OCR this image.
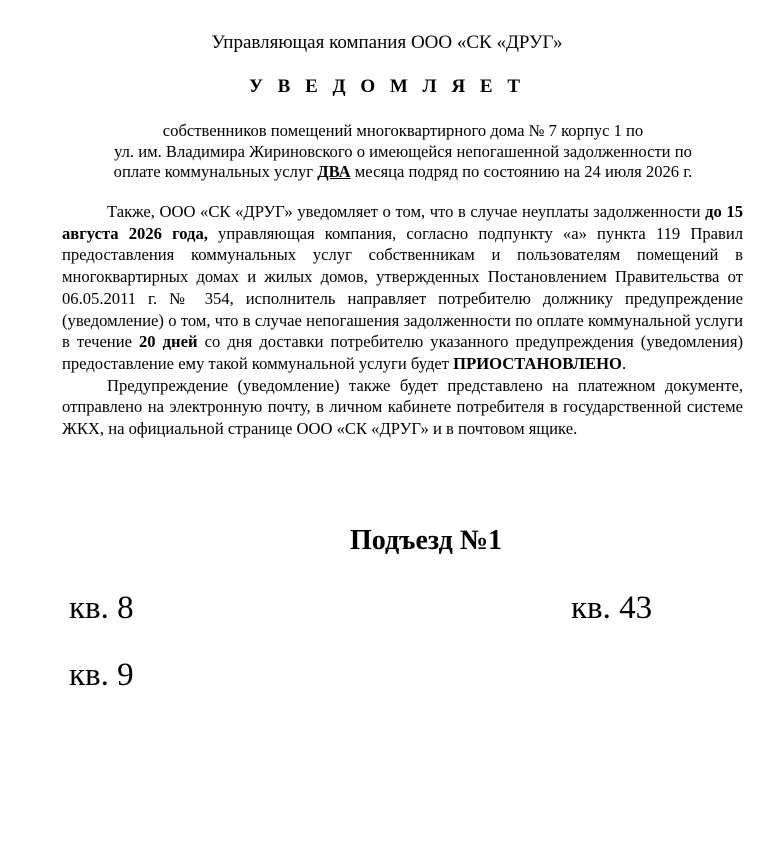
Управляющая компания ООО «СК «ДРУГ»
У В Е Д О М Л Я Е Т
собственников помещений многоквартирного дома № 7 корпус 1 по
ул. им. Владимира Жириновского о имеющейся непогашенной задолженности по
оплате коммунальных услуг ДВА месяца подряд по состоянию на 24 июля 2026 г.

Также, ООО «СК «ДРУГ» уведомляет о том, что в случае неуплаты задолженности до 15 августа 2026 года, управляющая компания, согласно подпункту «а» пункта 119 Правил предоставления коммунальных услуг собственникам и пользователям помещений в многоквартирных домах и жилых домов, утвержденных Постановлением Правительства от 06.05.2011 г. № 354, исполнитель направляет потребителю должнику предупреждение (уведомление) о том, что в случае непогашения задолженности по оплате коммунальной услуги в течение 20 дней со дня доставки потребителю указанного предупреждения (уведомления) предоставление ему такой коммунальной услуги будет ПРИОСТАНОВЛЕНО.

Предупреждение (уведомление) также будет представлено на платежном документе, отправлено на электронную почту, в личном кабинете потребителя в государственной системе ЖКХ, на официальной странице ООО «СК «ДРУГ» и в почтовом ящике.

Подъезд №1
кв. 8
кв. 9
кв. 43
